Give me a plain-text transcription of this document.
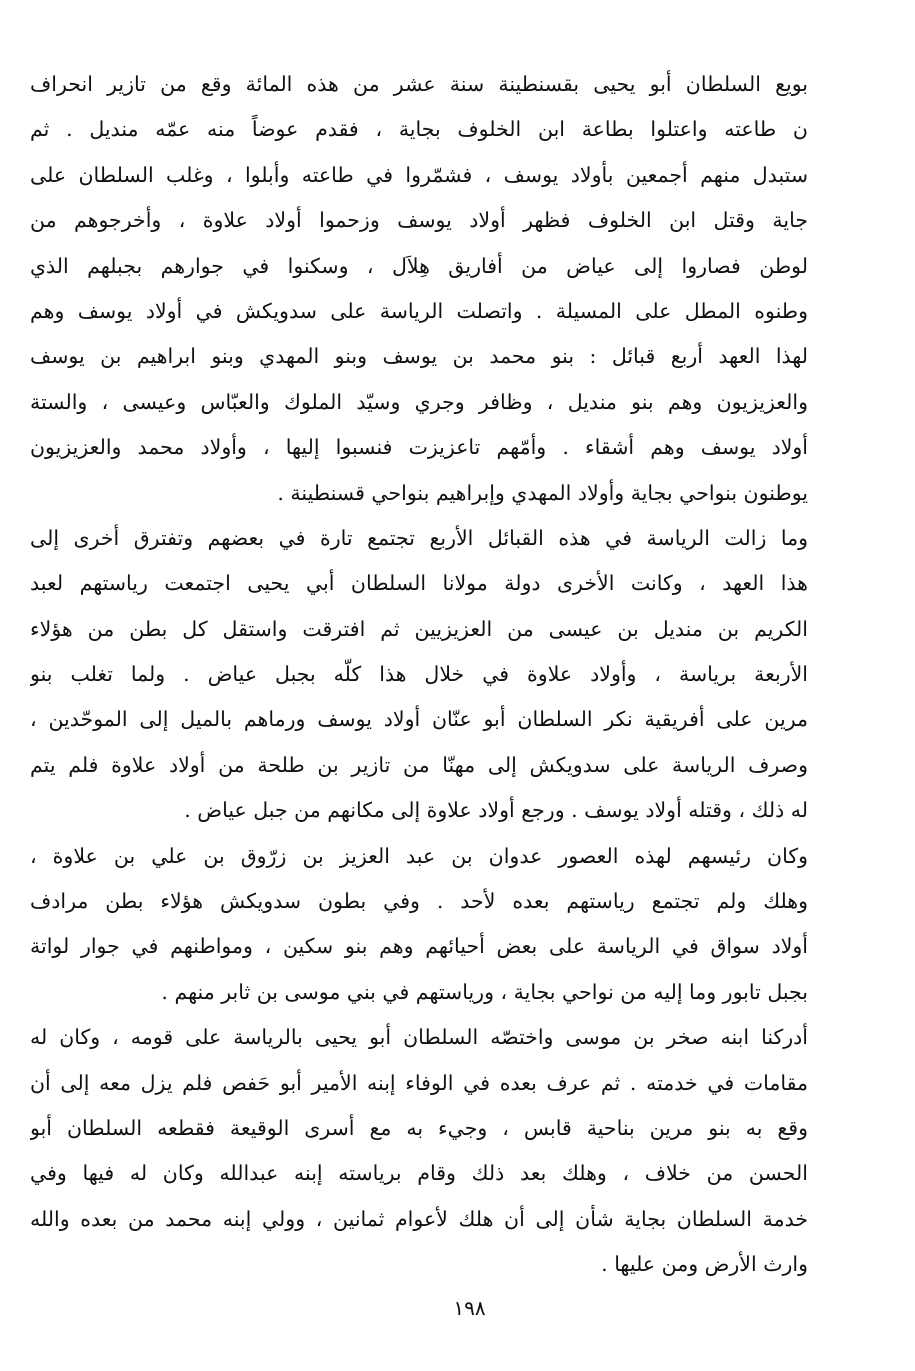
بويع السلطان أبو يحيى بقسنطينة سنة عشر من هذه المائة وقع من تازير انحراف
ن طاعته واعتلوا بطاعة ابن الخلوف بجاية ، فقدم عوضاً منه عمّه منديل . ثم
ستبدل منهم أجمعين بأولاد يوسف ، فشمّروا في طاعته وأبلوا ، وغلب السلطان على
جاية وقتل ابن الخلوف فظهر أولاد يوسف وزحموا أولاد علاوة ، وأخرجوهم من
لوطن فصاروا إلى عياض من أفاريق هِلاَل ، وسكنوا في جوارهم بجبلهم الذي
وطنوه المطل على المسيلة . واتصلت الرياسة على سدويكش في أولاد يوسف وهم
لهذا العهد أربع قبائل : بنو محمد بن يوسف وبنو المهدي وبنو ابراهيم بن يوسف
والعزيزيون وهم بنو منديل ، وظافر وجري وسيّد الملوك والعبّاس وعيسى ، والستة
أولاد يوسف وهم أشقاء . وأمّهم تاعزيزت فنسبوا إليها ، وأولاد محمد والعزيزيون
يوطنون بنواحي بجاية وأولاد المهدي وإبراهيم بنواحي قسنطينة .
وما زالت الرياسة في هذه القبائل الأربع تجتمع تارة في بعضهم وتفترق أخرى إلى
هذا العهد ، وكانت الأخرى دولة مولانا السلطان أبي يحيى اجتمعت رياستهم لعبد
الكريم بن منديل بن عيسى من العزيزيين ثم افترقت واستقل كل بطن من هؤلاء
الأربعة برياسة ، وأولاد علاوة في خلال هذا كلّه بجبل عياض . ولما تغلب بنو
مرين على أفريقية نكر السلطان أبو عنّان أولاد يوسف ورماهم بالميل إلى الموحّدين ،
وصرف الرياسة على سدويكش إلى مهنّا من تازير بن طلحة من أولاد علاوة فلم يتم
له ذلك ، وقتله أولاد يوسف . ورجع أولاد علاوة إلى مكانهم من جبل عياض .
وكان رئيسهم لهذه العصور عدوان بن عبد العزيز بن زرّوق بن علي بن علاوة ،
وهلك ولم تجتمع رياستهم بعده لأحد . وفي بطون سدويكش هؤلاء بطن مرادف
أولاد سواق في الرياسة على بعض أحيائهم وهم بنو سكين ، ومواطنهم في جوار لواتة
بجبل تابور وما إليه من نواحي بجاية ، ورياستهم في بني موسى بن ثابر منهم .
أدركنا ابنه صخر بن موسى واختصّه السلطان أبو يحيى بالرياسة على قومه ، وكان له
مقامات في خدمته . ثم عرف بعده في الوفاء إبنه الأمير أبو حَفص فلم يزل معه إلى أن
وقع به بنو مرين بناحية قابس ، وجيء به مع أسرى الوقيعة فقطعه السلطان أبو
الحسن من خلاف ، وهلك بعد ذلك وقام برياسته إبنه عبدالله وكان له فيها وفي
خدمة السلطان بجاية شأن إلى أن هلك لأعوام ثمانين ، وولي إبنه محمد من بعده والله
وارث الأرض ومن عليها .
١٩٨
